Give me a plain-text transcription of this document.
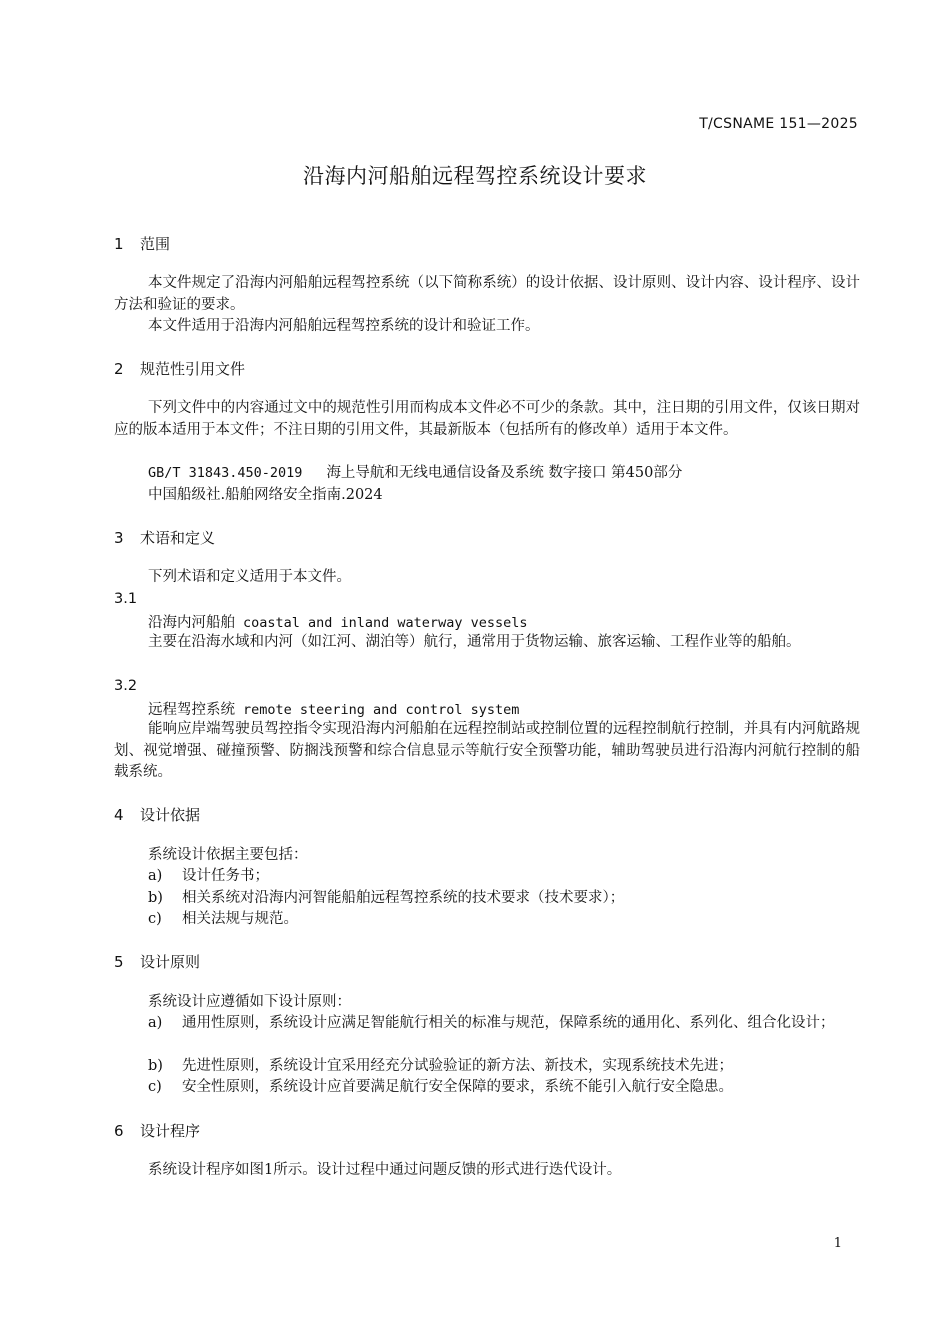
T/CSNAME 151—2025
沿海内河船舶远程驾控系统设计要求
1 范围
本文件规定了沿海内河船舶远程驾控系统（以下简称系统）的设计依据、设计原则、设计内容、设计程序、设计方法和验证的要求。
本文件适用于沿海内河船舶远程驾控系统的设计和验证工作。
2 规范性引用文件
下列文件中的内容通过文中的规范性引用而构成本文件必不可少的条款。其中，注日期的引用文件，仅该日期对应的版本适用于本文件；不注日期的引用文件，其最新版本（包括所有的修改单）适用于本文件。
GB/T 31843.450-2019 海上导航和无线电通信设备及系统 数字接口 第450部分
中国船级社.船舶网络安全指南.2024
3 术语和定义
下列术语和定义适用于本文件。
3.1
沿海内河船舶 coastal and inland waterway vessels
主要在沿海水域和内河（如江河、湖泊等）航行，通常用于货物运输、旅客运输、工程作业等的船舶。
3.2
远程驾控系统 remote steering and control system
能响应岸端驾驶员驾控指令实现沿海内河船舶在远程控制站或控制位置的远程控制航行控制，并具有内河航路规划、视觉增强、碰撞预警、防搁浅预警和综合信息显示等航行安全预警功能，辅助驾驶员进行沿海内河航行控制的船载系统。
4 设计依据
系统设计依据主要包括：
a)	设计任务书；
b)	相关系统对沿海内河智能船舶远程驾控系统的技术要求（技术要求）；
c)	相关法规与规范。
5 设计原则
系统设计应遵循如下设计原则：
a)	通用性原则，系统设计应满足智能航行相关的标准与规范，保障系统的通用化、系列化、组合化设计；
b)	先进性原则，系统设计宜采用经充分试验验证的新方法、新技术，实现系统技术先进；
c)	安全性原则，系统设计应首要满足航行安全保障的要求，系统不能引入航行安全隐患。
6 设计程序
系统设计程序如图1所示。设计过程中通过问题反馈的形式进行迭代设计。
1
